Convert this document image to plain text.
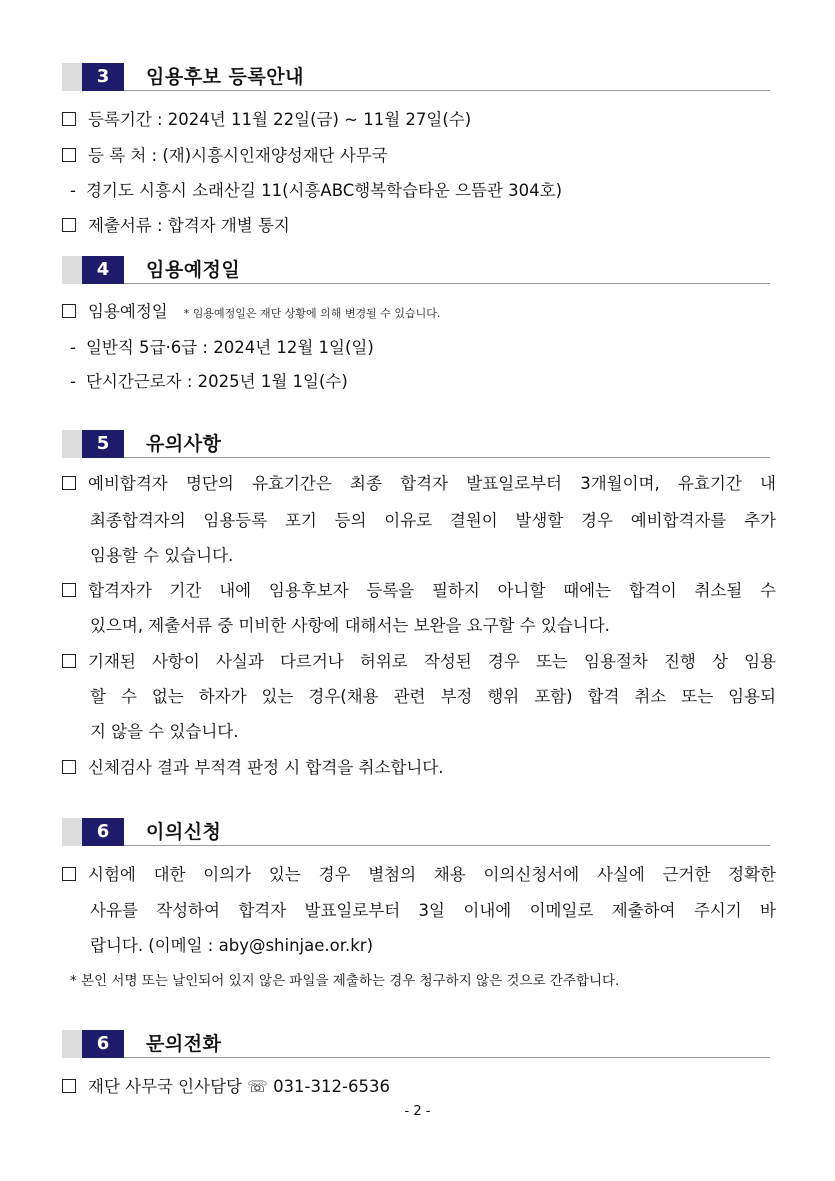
3	임용후보 등록안내
등록기간 : 2024년 11월 22일(금) ~ 11월 27일(수)
등 록 처 : (재)시흥시인재양성재단 사무국
- 경기도 시흥시 소래산길 11(시흥ABC행복학습타운 으뜸관 304호)
제출서류 : 합격자 개별 통지
4	임용예정일
임용예정일 * 임용예정일은 재단 상황에 의해 변경될 수 있습니다.
- 일반직 5급·6급 : 2024년 12월 1일(일)
- 단시간근로자 : 2025년 1월 1일(수)
5	유의사항
예비합격자 명단의 유효기간은 최종 합격자 발표일로부터 3개월이며, 유효기간 내
최종합격자의 임용등록 포기 등의 이유로 결원이 발생할 경우 예비합격자를 추가
임용할 수 있습니다.
합격자가 기간 내에 임용후보자 등록을 필하지 아니할 때에는 합격이 취소될 수
있으며, 제출서류 중 미비한 사항에 대해서는 보완을 요구할 수 있습니다.
기재된 사항이 사실과 다르거나 허위로 작성된 경우 또는 임용절차 진행 상 임용
할 수 없는 하자가 있는 경우(채용 관련 부정 행위 포함) 합격 취소 또는 임용되
지 않을 수 있습니다.
신체검사 결과 부적격 판정 시 합격을 취소합니다.
6	이의신청
시험에 대한 이의가 있는 경우 별첨의 채용 이의신청서에 사실에 근거한 정확한
사유를 작성하여 합격자 발표일로부터 3일 이내에 이메일로 제출하여 주시기 바
랍니다. (이메일 : aby@shinjae.or.kr)
* 본인 서명 또는 날인되어 있지 않은 파일을 제출하는 경우 청구하지 않은 것으로 간주합니다.
6	문의전화
재단 사무국 인사담당 ☏ 031-312-6536
- 2 -
